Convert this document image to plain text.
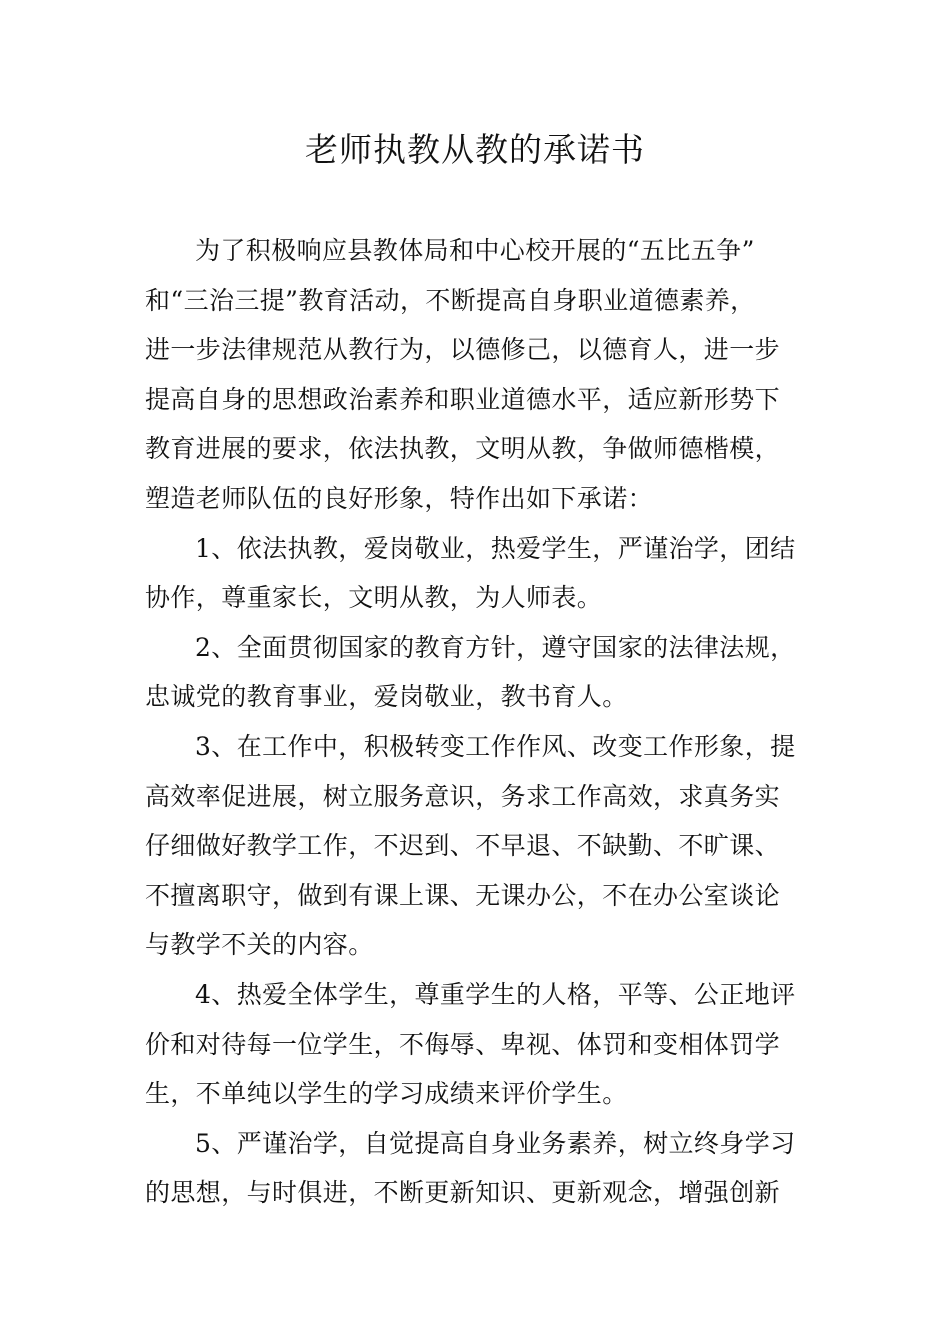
老师执教从教的承诺书

为了积极响应县教体局和中心校开展的“五比五争”
和“三治三提”教育活动，不断提高自身职业道德素养，
进一步法律规范从教行为，以德修己，以德育人，进一步
提高自身的思想政治素养和职业道德水平，适应新形势下
教育进展的要求，依法执教，文明从教，争做师德楷模，
塑造老师队伍的良好形象，特作出如下承诺：

1、依法执教，爱岗敬业，热爱学生，严谨治学，团结
协作，尊重家长，文明从教，为人师表。

2、全面贯彻国家的教育方针，遵守国家的法律法规，
忠诚党的教育事业，爱岗敬业，教书育人。

3、在工作中，积极转变工作作风、改变工作形象，提
高效率促进展，树立服务意识，务求工作高效，求真务实
仔细做好教学工作，不迟到、不早退、不缺勤、不旷课、
不擅离职守，做到有课上课、无课办公，不在办公室谈论
与教学不关的内容。

4、热爱全体学生，尊重学生的人格，平等、公正地评
价和对待每一位学生，不侮辱、卑视、体罚和变相体罚学
生，不单纯以学生的学习成绩来评价学生。

5、严谨治学，自觉提高自身业务素养，树立终身学习
的思想，与时俱进，不断更新知识、更新观念，增强创新
